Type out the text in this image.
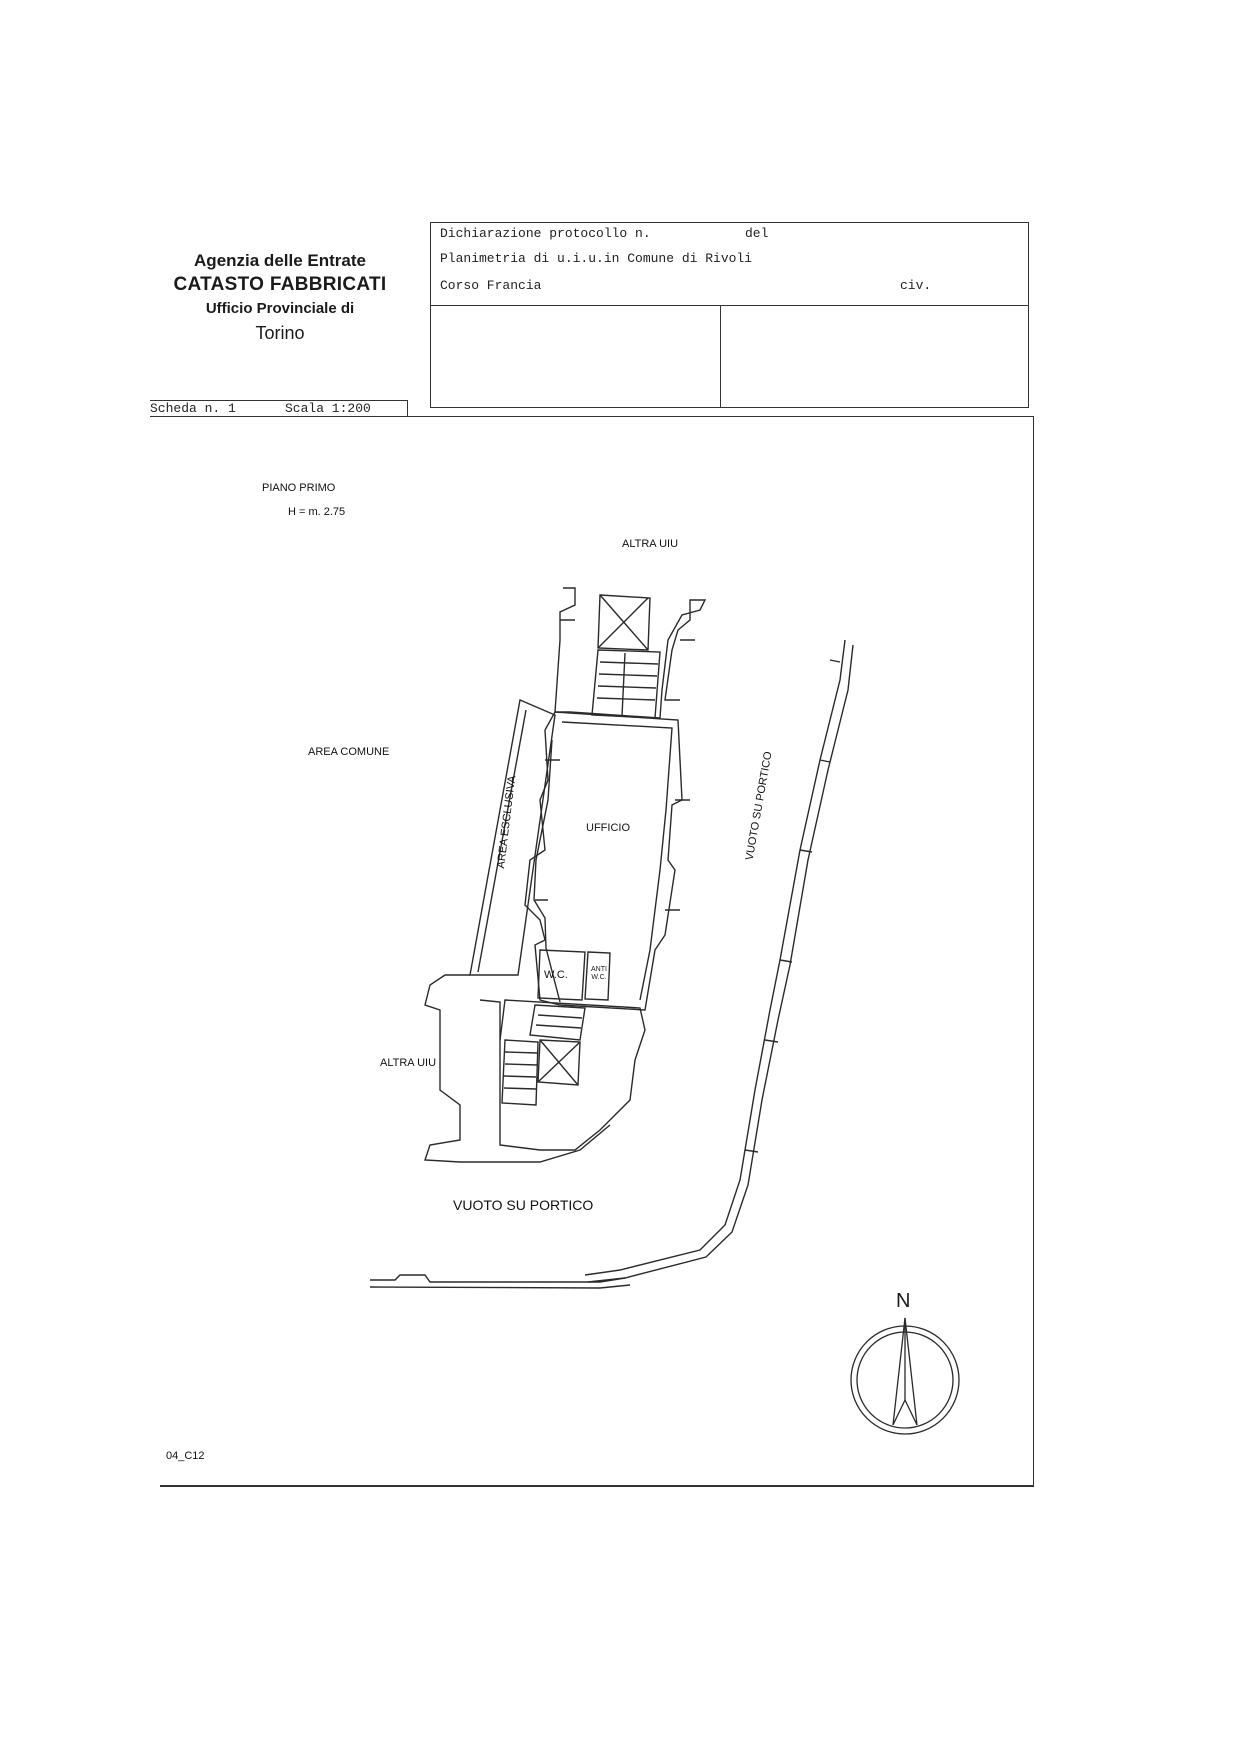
Agenzia delle Entrate
CATASTO FABBRICATI
Ufficio Provinciale di
Torino
Dichiarazione protocollo n.	del
Planimetria di u.i.u.in Comune di Rivoli
Corso Francia	civ.
Scheda n. 1	Scala 1:200
PIANO PRIMO
H = m. 2.75
ALTRA UIU
AREA COMUNE
AREA ESCLUSIVA	UFFICIO	VUOTO SU PORTICO
W.C.	ANTI
W.C.
ALTRA UIU
VUOTO SU PORTICO
N
04_C12
